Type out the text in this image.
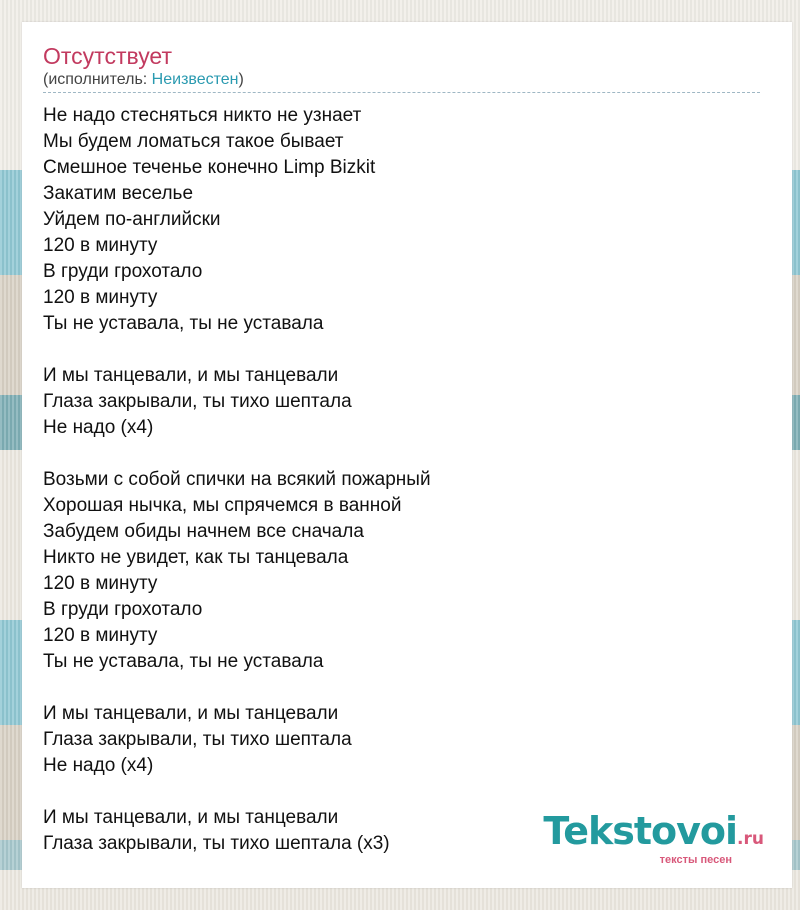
Отсутствует
(исполнитель: Неизвестен)
Не надо стесняться никто не узнает
Мы будем ломаться такое бывает
Смешное теченье конечно Limp Bizkit
Закатим веселье
Уйдем по-английски
120 в минуту
В груди грохотало
120 в минуту
Ты не уставала, ты не уставала
И мы танцевали, и мы танцевали
Глаза закрывали, ты тихо шептала
Не надо (x4)
Возьми с собой спички на всякий пожарный
Хорошая нычка, мы спрячемся в ванной
Забудем обиды начнем все сначала
Никто не увидет, как ты танцевала
120 в минуту
В груди грохотало
120 в минуту
Ты не уставала, ты не уставала
И мы танцевали, и мы танцевали
Глаза закрывали, ты тихо шептала
Не надо (x4)
И мы танцевали, и мы танцевали
Глаза закрывали, ты тихо шептала (x3)	Tekstovoi.ru
тексты песен
